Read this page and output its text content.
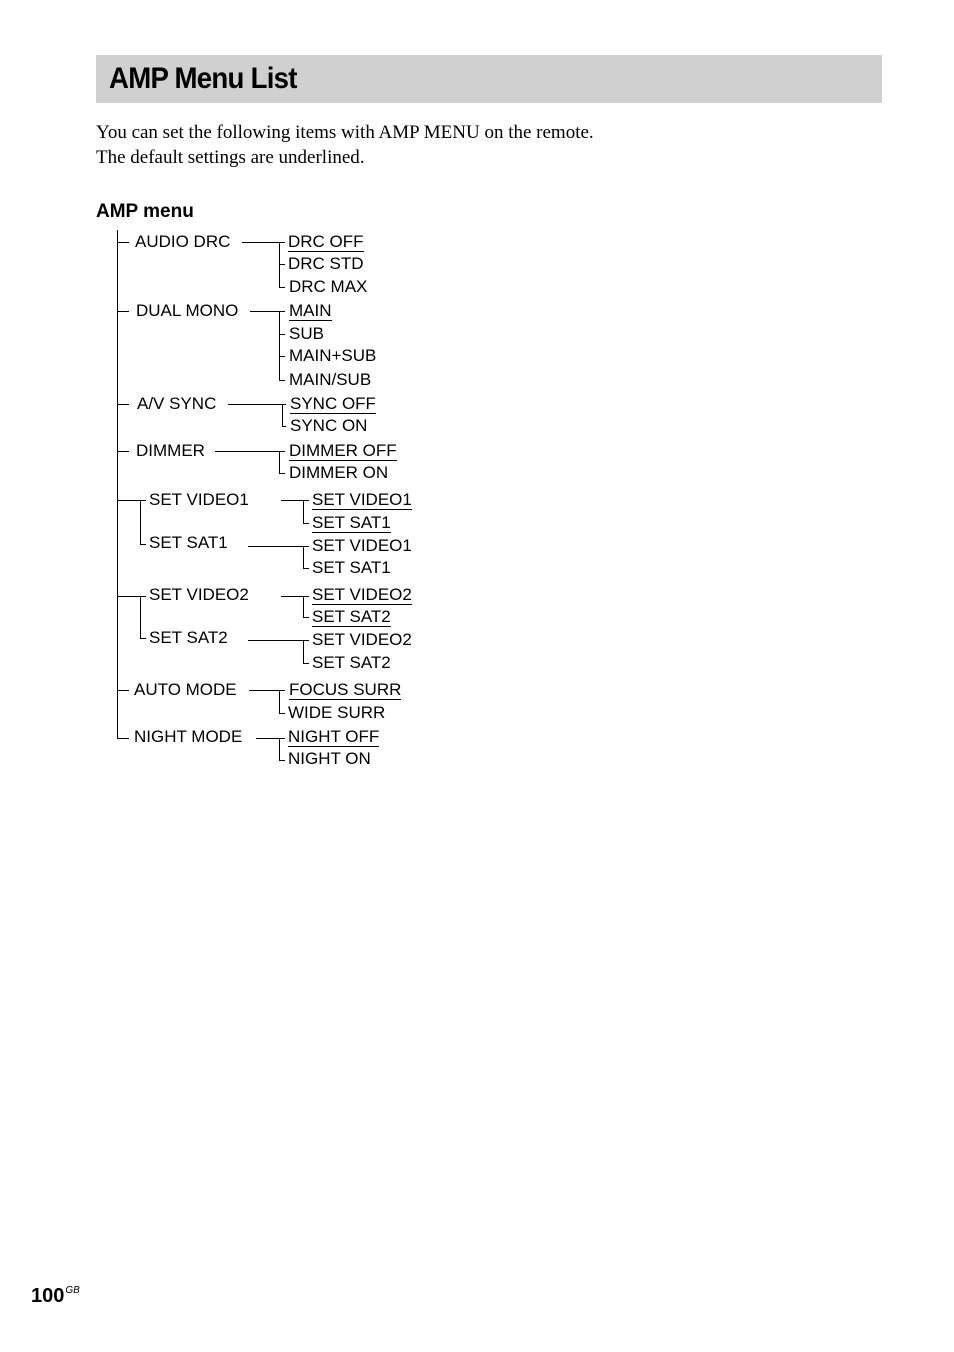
AMP Menu List
You can set the following items with AMP MENU on the remote.
The default settings are underlined.
AMP menu
AUDIO DRC
DUAL MONO
A/V SYNC
DIMMER
SET VIDEO1
SET SAT1
SET VIDEO2
SET SAT2
AUTO MODE
NIGHT MODE
DRC OFF
DRC STD
DRC MAX
MAIN
SUB
MAIN+SUB
MAIN/SUB
SYNC OFF
SYNC ON
DIMMER OFF
DIMMER ON
SET VIDEO1
SET SAT1
SET VIDEO1
SET SAT1
SET VIDEO2
SET SAT2
SET VIDEO2
SET SAT2
FOCUS SURR
WIDE SURR
NIGHT OFF
NIGHT ON
$100^{GB}$
